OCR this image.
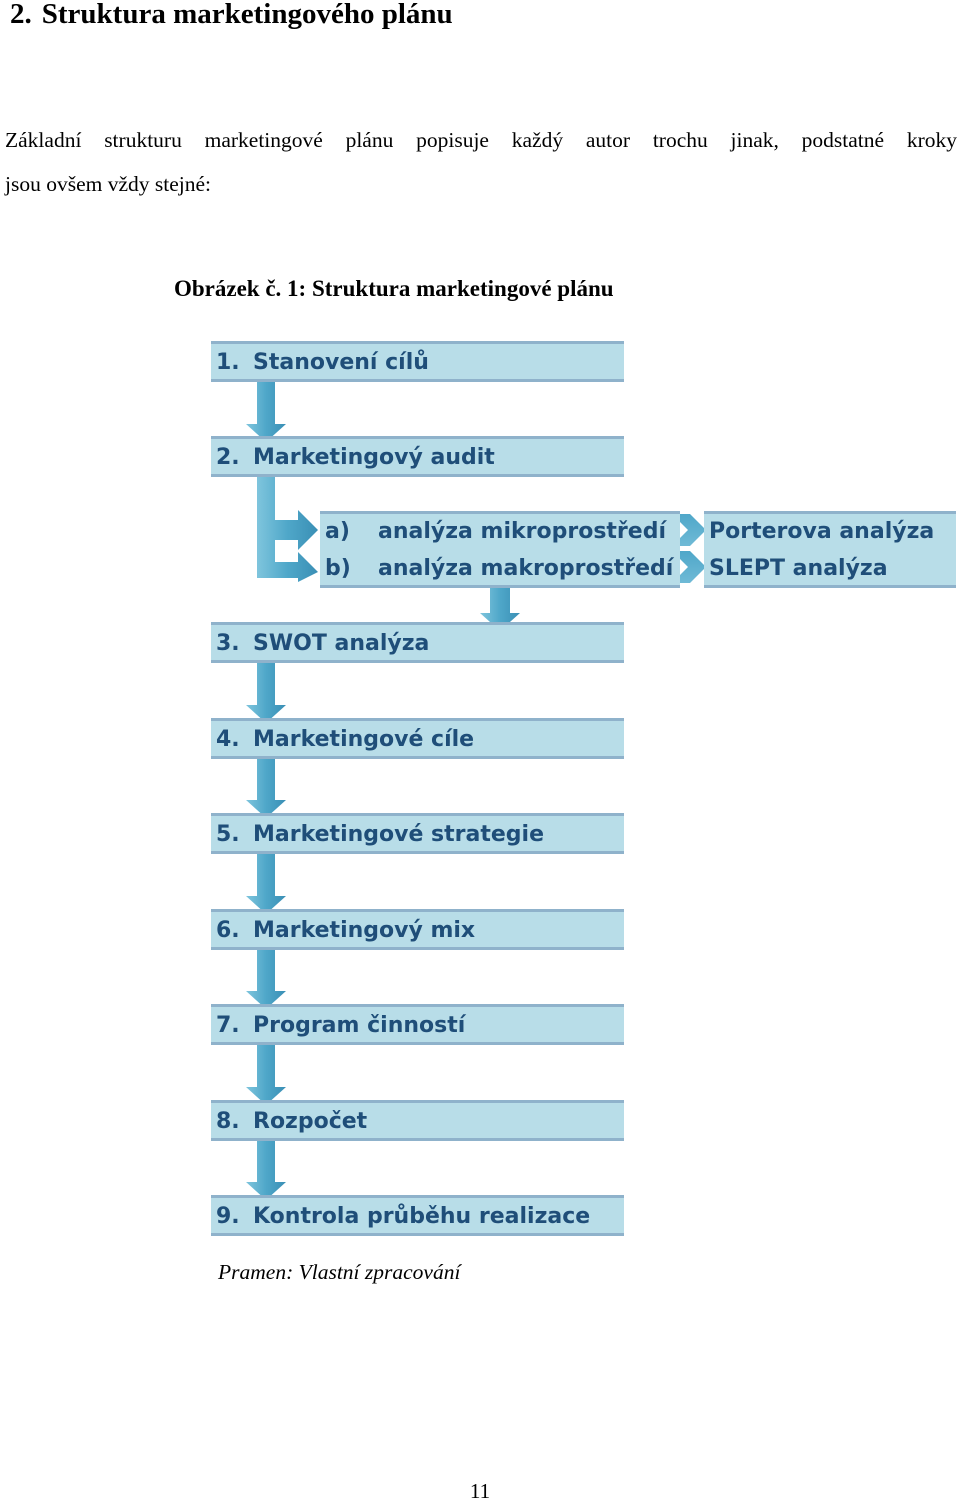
2. Struktura marketingového plánu

Základní strukturu marketingové plánu popisuje každý autor trochu jinak, podstatné kroky

jsou ovšem vždy stejné:

Obrázek č. 1: Struktura marketingové plánu

1. Stanovení cílů
2. Marketingový audit
3. SWOT analýza
4. Marketingové cíle
5. Marketingové strategie
6. Marketingový mix
7. Program činností
8. Rozpočet
9. Kontrola průběhu realizace
a) analýza mikroprostředí
b) analýza makroprostředí
Porterova analýza
SLEPT analýza

Pramen: Vlastní zpracování

11
